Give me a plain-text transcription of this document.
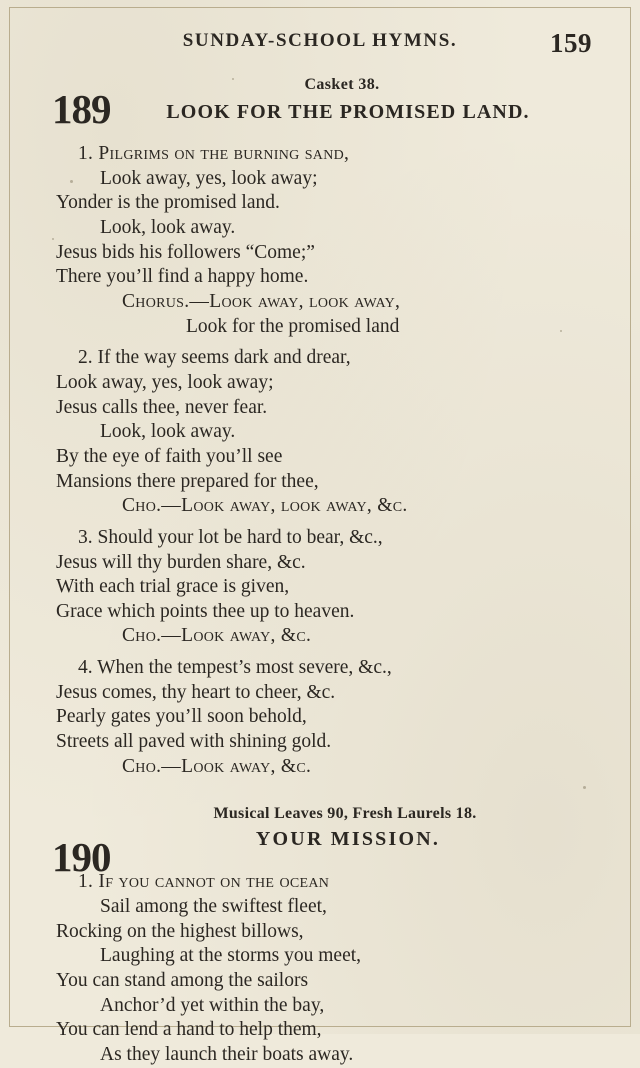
SUNDAY-SCHOOL HYMNS.	159
Casket 38.
189	LOOK FOR THE PROMISED LAND.
1. Pilgrims on the burning sand,
Look away, yes, look away;
Yonder is the promised land.
Look, look away.
Jesus bids his followers “Come;”
There you’ll find a happy home.
Chorus.—Look away, look away,
Look for the promised land
2. If the way seems dark and drear,
Look away, yes, look away;
Jesus calls thee, never fear.
Look, look away.
By the eye of faith you’ll see
Mansions there prepared for thee,
Cho.—Look away, look away, &c.
3. Should your lot be hard to bear, &c.,
Jesus will thy burden share, &c.
With each trial grace is given,
Grace which points thee up to heaven.
Cho.—Look away, &c.
4. When the tempest’s most severe, &c.,
Jesus comes, thy heart to cheer, &c.
Pearly gates you’ll soon behold,
Streets all paved with shining gold.
Cho.—Look away, &c.
Musical Leaves 90, Fresh Laurels 18.
190	YOUR MISSION.
1. If you cannot on the ocean
Sail among the swiftest fleet,
Rocking on the highest billows,
Laughing at the storms you meet,
You can stand among the sailors
Anchor’d yet within the bay,
You can lend a hand to help them,
As they launch their boats away.
